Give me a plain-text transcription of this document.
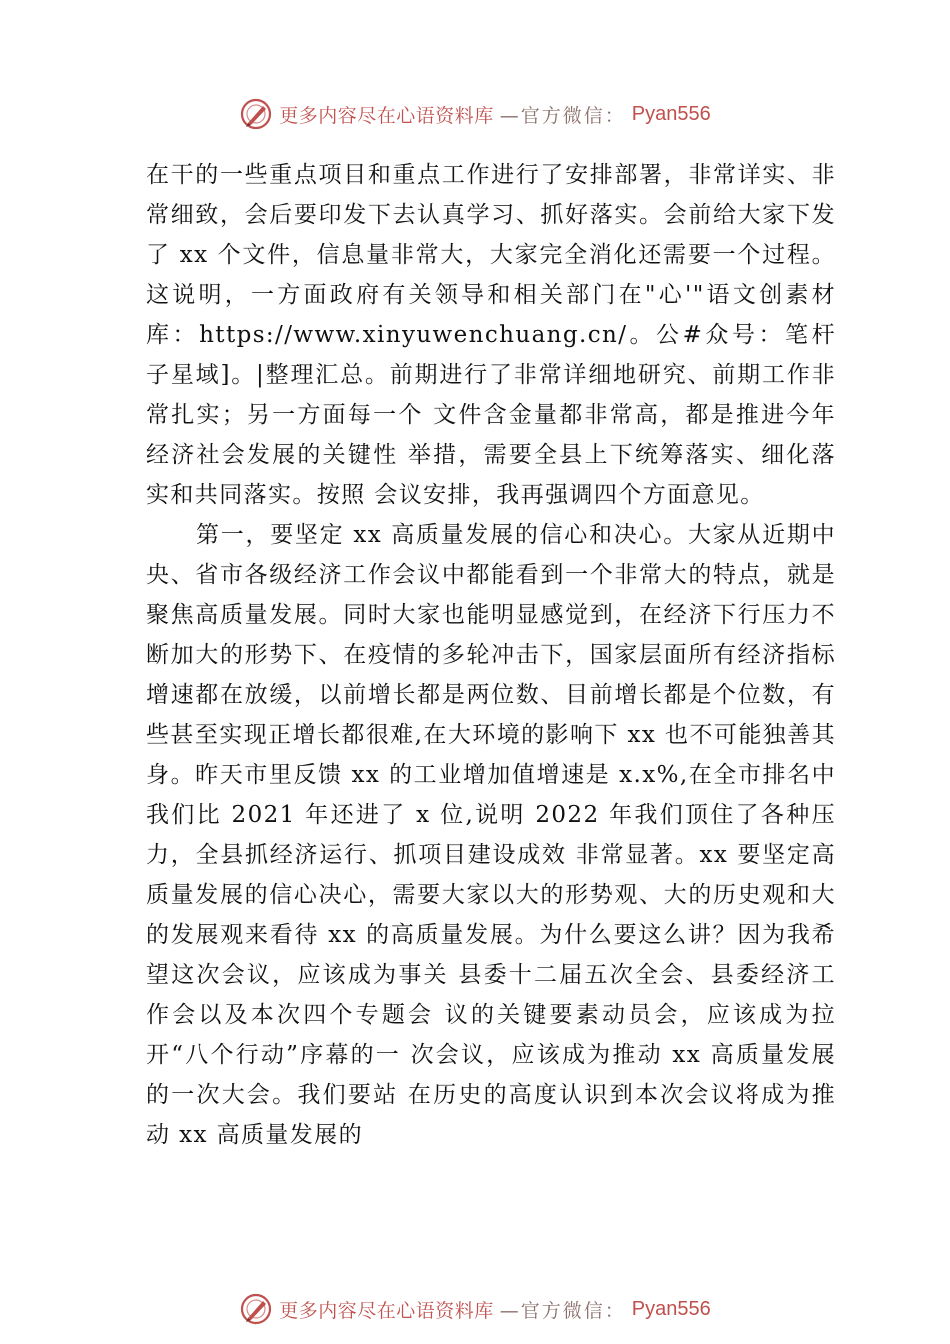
更多内容尽在心语资料库 —官方微信： Pyan556

在干的一些重点项目和重点工作进行了安排部署，非常详实、非常细致，会后要印发下去认真学习、抓好落实。会前给大家下发了 xx 个文件，信息量非常大，大家完全消化还需要一个过程。这说明，一方面政府有关领导和相关部门在"心'"语文创素材库：https://www.xinyuwenchuang.cn/。公#众号：笔杆子星域]。|整理汇总。前期进行了非常详细地研究、前期工作非常扎实；另一方面每一个 文件含金量都非常高，都是推进今年经济社会发展的关键性 举措，需要全县上下统筹落实、细化落实和共同落实。按照 会议安排，我再强调四个方面意见。

第一，要坚定 xx 高质量发展的信心和决心。大家从近期中央、省市各级经济工作会议中都能看到一个非常大的特点，就是聚焦高质量发展。同时大家也能明显感觉到，在经济下行压力不断加大的形势下、在疫情的多轮冲击下，国家层面所有经济指标增速都在放缓，以前增长都是两位数、目前增长都是个位数，有些甚至实现正增长都很难,在大环境的影响下 xx 也不可能独善其身。昨天市里反馈 xx 的工业增加值增速是 x.x%,在全市排名中我们比 2021 年还进了 x 位,说明 2022 年我们顶住了各种压力，全县抓经济运行、抓项目建设成效 非常显著。xx 要坚定高质量发展的信心决心，需要大家以大的形势观、大的历史观和大的发展观来看待 xx 的高质量发展。为什么要这么讲？因为我希望这次会议，应该成为事关 县委十二届五次全会、县委经济工作会以及本次四个专题会 议的关键要素动员会，应该成为拉开“八个行动”序幕的一 次会议，应该成为推动 xx 高质量发展的一次大会。我们要站 在历史的高度认识到本次会议将成为推动 xx 高质量发展的

更多内容尽在心语资料库 —官方微信： Pyan556
